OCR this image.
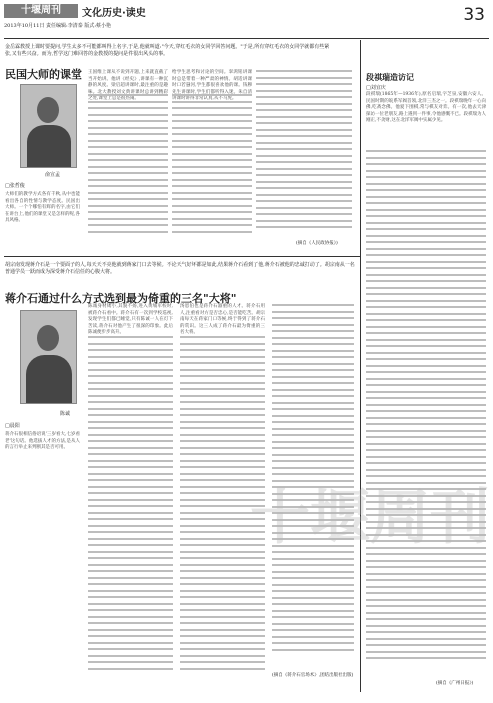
十堰周刊	文化历史·读史
2013年10月11日 责任编辑:李清泰 版式:蔡小艳
33
金岳霖教授上课时要提问,学生太多不可能都叫得上名字,于是,他就叫道:"今天,穿红毛衣的女同学回答问题。"于是,所有穿红毛衣的女同学就都有些紧张,又有些兴奋。而为,哲学这门难回答的金教授的提问是件很出风头的事。
民国大师的课堂
俞宣孟
□张哲俊
大师们的教学方式各有千秋,从中也能看出各自的性情与教学态度。民国出大师。一个个哪怕有辉的名字,由它们在讲台上,他们的课堂又是怎样的呢,各具风格。
王国维上课从不说到开题,上来就直截了当开始讲。他讲《经史》,讲课有一种沉静的风度。梁启超讲课时,最注重的是趣味。北大教授刘文典讲课时总讲到精彩之处,课堂上总是很热闹。
给学生思考和讨论的空间。辜鸿铭讲课时总是带着一种严肃的神情。胡适讲课时口若悬河,学生都很喜欢他的课。钱穆先生讲课时,学生们都听得入迷。朱自清讲课时讲得非常认真,从不马虎。
(摘自《人民政协报》)
胡宗南发现蒋介石是一个要面子的人,每天天不亮他就到蒋家门口去等候。不论天气好坏都是如此,结果蒋介石看到了他,蒋介石被他的忠诚打动了。胡宗南从一名普通学员一跃而成为深受蒋介石信任的心腹大将。
蒋介石通过什么方式选到最为倚重的三名"大将"
陈诚
□晨阳
蒋介石很相信俗语说'三岁看大,七岁看老'这句话。他选拔人才的方法,是从人的言行举止来判断其是否可用。
陈诚身材矮小,其貌不扬,进入黄埔军校时,被蒋介石看中。蒋介石有一次到学校巡视,发现学生们都已睡觉,只有陈诚一人在灯下苦读,蒋介石对他产生了很深的印象。此后陈诚便步步高升。
汤恩伯也是蒋介石器重的人才。蒋介石用人,注重看对方是否忠心,是否能吃苦。胡宗南每天在蒋家门口等候,终于得到了蒋介石的赏识。这三人成了蒋介石最为倚重的三名大将。
(摘自《蒋介石官场术》,团结出版社出版)
段祺瑞造访记
□刘宜庆
段祺瑞(1865年—1936年),原名启瑞,字芝泉,安徽六安人。民国时期的皖系军阀首领,北洋三杰之一。段祺瑞晚年一心向佛,吃斋念佛。他爱下围棋,常与棋友对弈。有一次,他去天津探访一位老朋友,路上遇到一件事,令他感慨不已。段祺瑞为人刚正,不贪财,这在北洋军阀中实属少见。
(摘自《广州日报》)
十堰周刊
